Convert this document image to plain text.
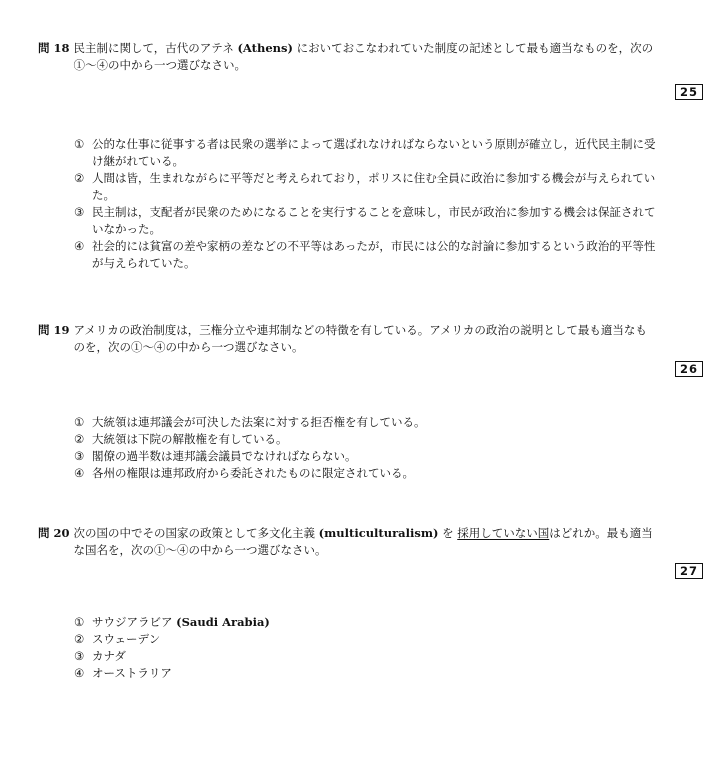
問 18 民主制に関して，古代のアテネ (Athens) においておこなわれていた制度の記述として最も適当なものを，次の①〜④の中から一つ選びなさい。
25
① 公的な仕事に従事する者は民衆の選挙によって選ばれなければならないという原則が確立し，近代民主制に受け継がれている。
② 人間は皆，生まれながらに平等だと考えられており，ポリスに住む全員に政治に参加する機会が与えられていた。
③ 民主制は，支配者が民衆のためになることを実行することを意味し，市民が政治に参加する機会は保証されていなかった。
④ 社会的には貧富の差や家柄の差などの不平等はあったが，市民には公的な討論に参加するという政治的平等性が与えられていた。
問 19 アメリカの政治制度は，三権分立や連邦制などの特徴を有している。アメリカの政治の説明として最も適当なものを，次の①〜④の中から一つ選びなさい。
26
① 大統領は連邦議会が可決した法案に対する拒否権を有している。
② 大統領は下院の解散権を有している。
③ 閣僚の過半数は連邦議会議員でなければならない。
④ 各州の権限は連邦政府から委託されたものに限定されている。
問 20 次の国の中でその国家の政策として多文化主義 (multiculturalism) を 採用していない国はどれか。最も適当な国名を，次の①〜④の中から一つ選びなさい。
27
① サウジアラビア (Saudi Arabia)
② スウェーデン
③ カナダ
④ オーストラリア
